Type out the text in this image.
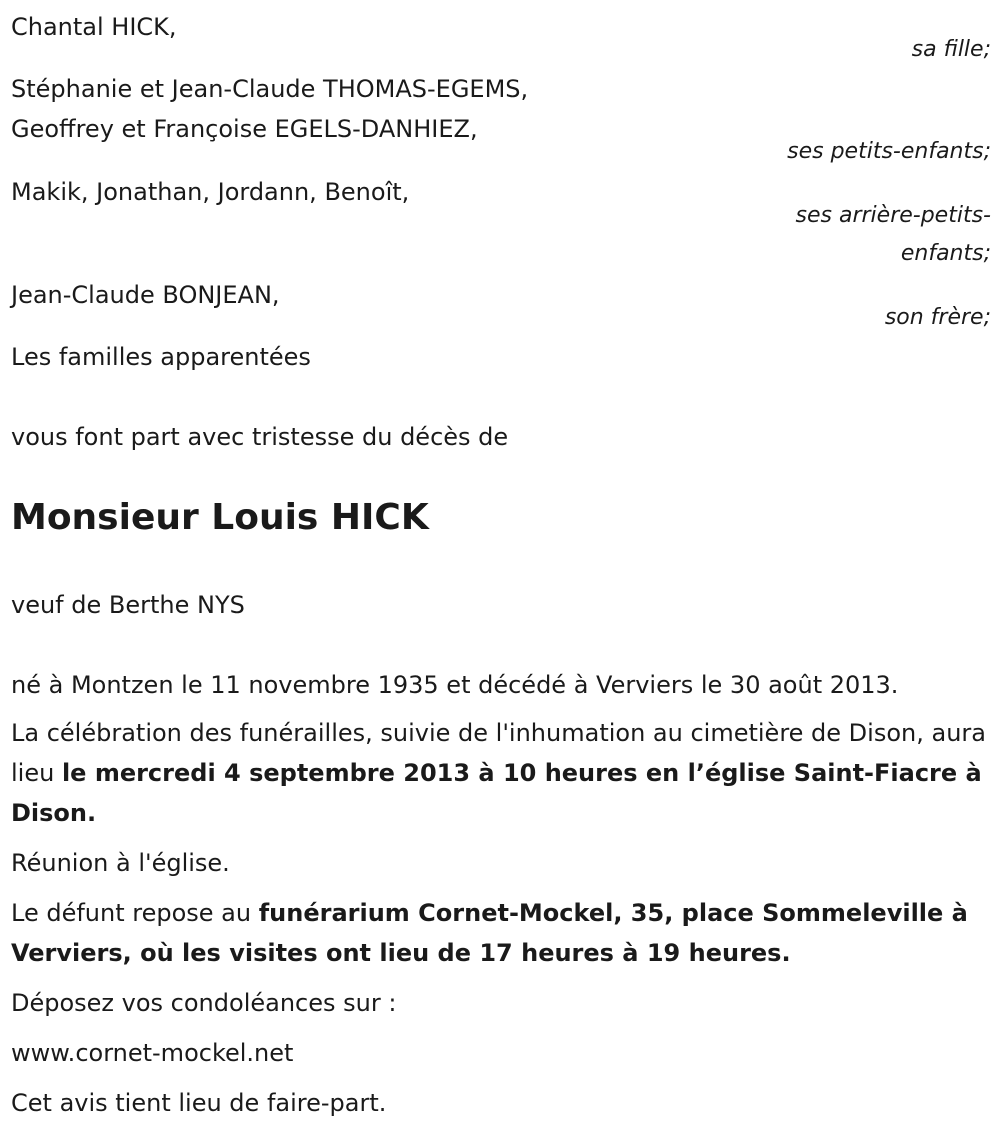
Chantal HICK,
sa fille;
Stéphanie et Jean-Claude THOMAS-EGEMS,
Geoffrey et Françoise EGELS-DANHIEZ,
ses petits-enfants;
Makik, Jonathan, Jordann, Benoît,
ses arrière-petits-
enfants;
Jean-Claude BONJEAN,
son frère;
Les familles apparentées
vous font part avec tristesse du décès de
Monsieur Louis HICK
veuf de Berthe NYS
né à Montzen le 11 novembre 1935 et décédé à Verviers le 30 août 2013.
La célébration des funérailles, suivie de l'inhumation au cimetière de Dison, aura lieu le mercredi 4 septembre 2013 à 10 heures en l’église Saint-Fiacre à Dison.
Réunion à l'église.
Le défunt repose au funérarium Cornet-Mockel, 35, place Sommeleville à Verviers, où les visites ont lieu de 17 heures à 19 heures.
Déposez vos condoléances sur :
www.cornet-mockel.net
Cet avis tient lieu de faire-part.
